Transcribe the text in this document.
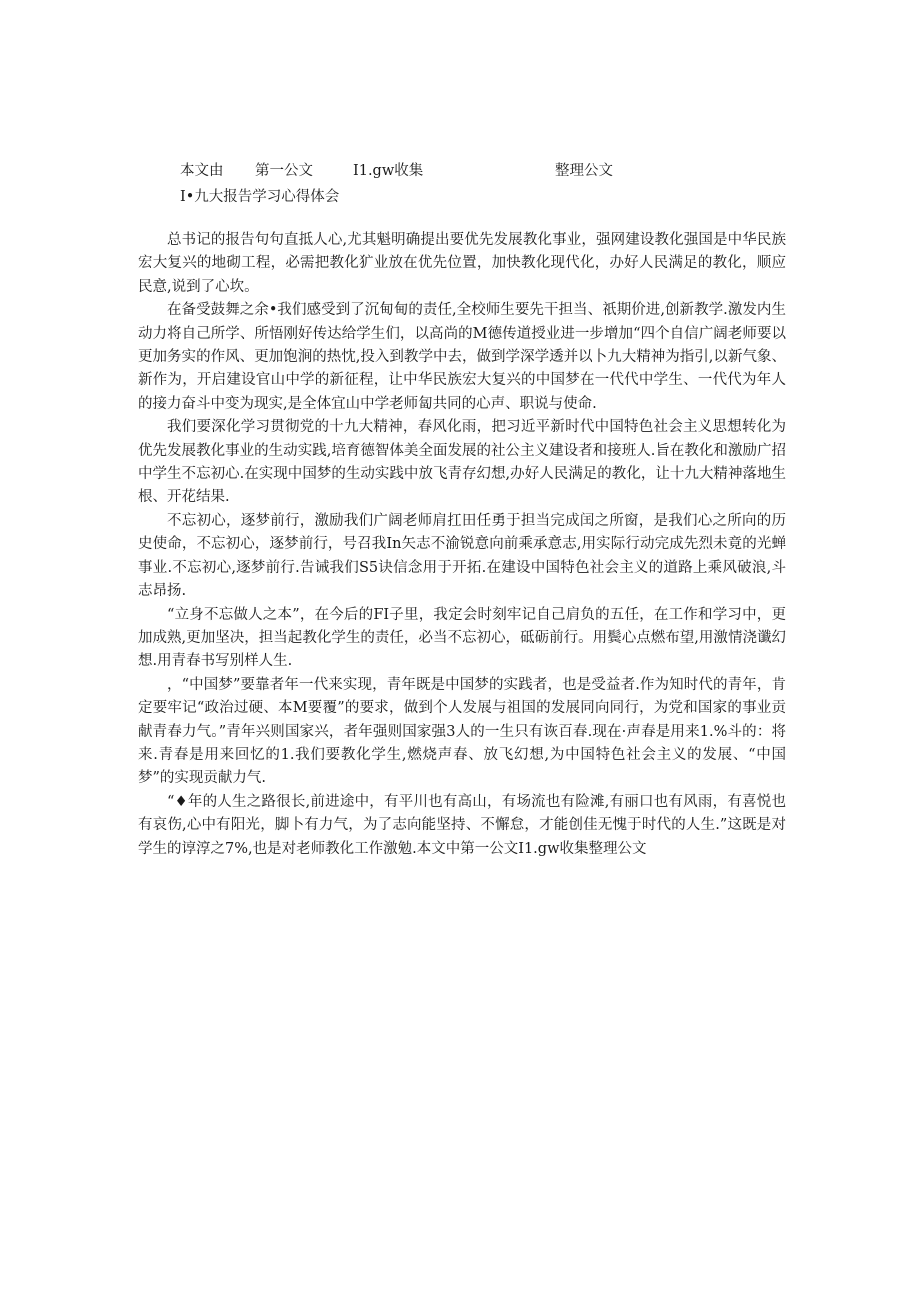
本文由 第一公文	I1.gw收集	整理公文
I•九大报告学习心得体会

总书记的报告句句直抵人心,尤其魁明确提出要优先发展教化事业，强网建设教化强国是中华民族宏大复兴的地砌工程，必需把教化犷业放在优先位置，加快教化现代化，办好人民满足的教化，顺应民意,说到了心坎。

在备受鼓舞之余•我们感受到了沉甸甸的责任,全校师生要先干担当、祇期价进,创新教学.激发内生动力将自己所学、所悟刚好传达给学生们，以高尚的M德传道授业进一步增加“四个自信广阔老师要以更加务实的作风、更加饱涧的热忱,投入到教学中去，做到学深学透并以卜九大精神为指引,以新气象、新作为，开启建设官山中学的新征程，让中华民族宏大复兴的中国梦在一代代中学生、一代代为年人的接力奋斗中变为现实,是全体宜山中学老师匐共同的心声、职说与使命.

我们要深化学习贯彻党的十九大精神，春风化雨，把习近平新时代中国特色社会主义思想转化为优先发展教化事业的生动实践,培育德智体美全面发展的社公主义建设者和接班人.旨在教化和激励广招中学生不忘初心.在实现中国梦的生动实践中放飞青存幻想,办好人民满足的教化，让十九大精神落地生根、开花结果.

不忘初心，逐梦前行，激励我们广阔老师肩扛田任勇于担当完成闰之所窗，是我们心之所向的历史使命，不忘初心，逐梦前行，号召我In矢志不渝锐意向前乘承意志,用实际行动完成先烈未竟的光蝉事业.不忘初心,逐梦前行.告诫我们S5诀信念用于开拓.在建设中国特色社会主义的道路上乘风破浪,斗志昂扬.

“立身不忘做人之本”，在今后的FI子里，我定会时刻牢记自己肩负的五任，在工作和学习中，更加成熟,更加坚决，担当起教化学生的责任，必当不忘初心，砥砺前行。用鬓心点燃布望,用激情浇谶幻想.用青春书写别样人生.

，“中国梦”要靠者年一代来实现，青年既是中国梦的实践者，也是受益者.作为知时代的青年，肯定要牢记“政治过硬、本M要覆”的要求，做到个人发展与祖国的发展同向同行，为党和国家的事业贡献青春力气。”青年兴则国家兴，者年强则国家强3人的一生只有诙百春.现在·声春是用来1.%斗的：将来.青春是用来回忆的1.我们要教化学生,燃烧声春、放飞幻想,为中国特色社会主义的发展、“中国梦”的实现贡献力气.

“♦年的人生之路很长,前进途中，有平川也有高山，有场流也有险滩,有丽口也有风雨，有喜悦也有哀伤,心中有阳光，脚卜有力气，为了志向能坚持、不懈怠，才能创佳无愧于时代的人生.”这既是对学生的谆淳之7%,也是对老师教化工作激勉.本文中第一公文I1.gw收集整理公文
